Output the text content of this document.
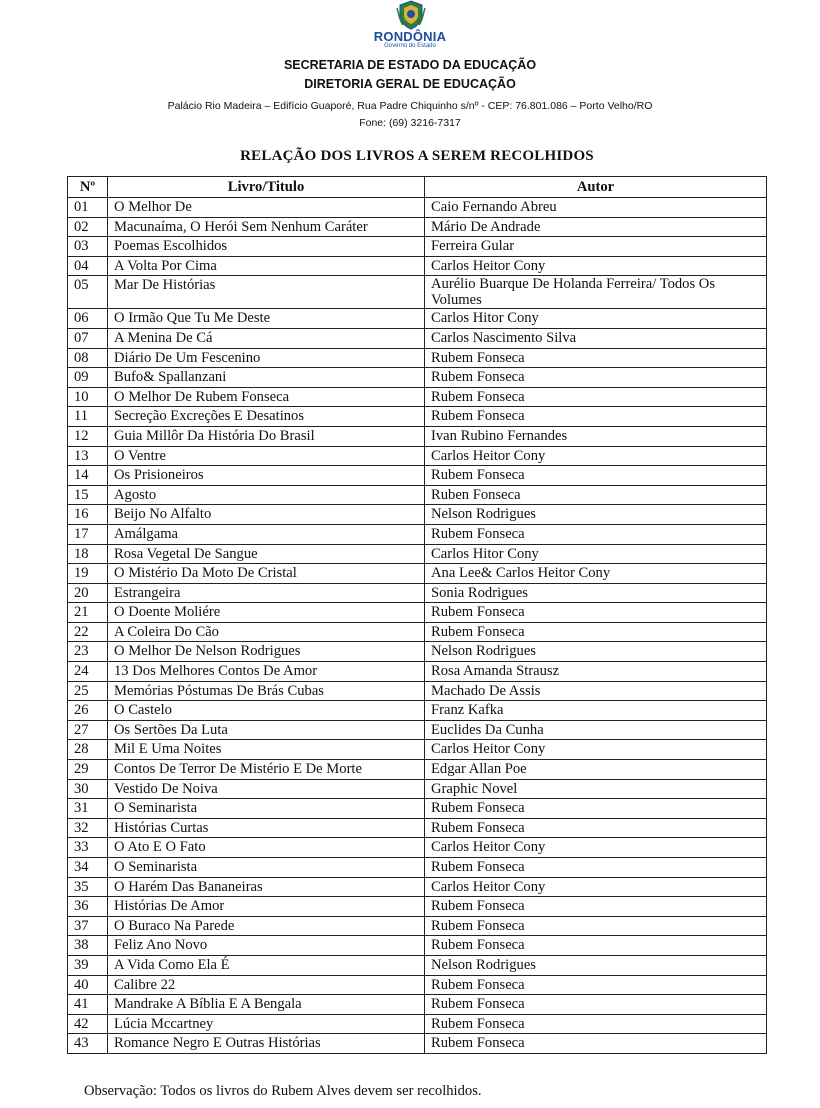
RONDÔNIA
Governo do Estado
SECRETARIA DE ESTADO DA EDUCAÇÃO
DIRETORIA GERAL DE EDUCAÇÃO
Palácio Rio Madeira – Edifício Guaporé, Rua Padre Chiquinho s/nº - CEP: 76.801.086 – Porto Velho/RO
Fone: (69) 3216-7317
RELAÇÃO DOS LIVROS A SEREM RECOLHIDOS
Nº	Livro/Titulo	Autor
01	O Melhor De	Caio Fernando Abreu
02	Macunaíma, O Herói Sem Nenhum Caráter	Mário De Andrade
03	Poemas Escolhidos	Ferreira Gular
04	A Volta Por Cima	Carlos Heitor Cony
05	Mar De Histórias	Aurélio Buarque De Holanda Ferreira/ Todos Os Volumes
06	O Irmão Que Tu Me Deste	Carlos Hitor Cony
07	A Menina De Cá	Carlos Nascimento Silva
08	Diário De Um Fescenino	Rubem Fonseca
09	Bufo& Spallanzani	Rubem Fonseca
10	O Melhor De Rubem Fonseca	Rubem Fonseca
11	Secreção Excreções E Desatinos	Rubem Fonseca
12	Guia Millôr Da História Do Brasil	Ivan Rubino Fernandes
13	O Ventre	Carlos Heitor Cony
14	Os Prisioneiros	Rubem Fonseca
15	Agosto	Ruben Fonseca
16	Beijo No Alfalto	Nelson Rodrigues
17	Amálgama	Rubem Fonseca
18	Rosa Vegetal De Sangue	Carlos Hitor Cony
19	O Mistério Da Moto De Cristal	Ana Lee& Carlos Heitor Cony
20	Estrangeira	Sonia Rodrigues
21	O Doente Moliére	Rubem Fonseca
22	A Coleira Do Cão	Rubem Fonseca
23	O Melhor De Nelson Rodrigues	Nelson Rodrigues
24	13 Dos Melhores Contos De Amor	Rosa Amanda Strausz
25	Memórias Póstumas De Brás Cubas	Machado De Assis
26	O Castelo	Franz Kafka
27	Os Sertões Da Luta	Euclides Da Cunha
28	Mil E Uma Noites	Carlos Heitor Cony
29	Contos De Terror De Mistério E De Morte	Edgar Allan Poe
30	Vestido De Noiva	Graphic Novel
31	O Seminarista	Rubem Fonseca
32	Histórias Curtas	Rubem Fonseca
33	O Ato E O Fato	Carlos Heitor Cony
34	O Seminarista	Rubem Fonseca
35	O Harém Das Bananeiras	Carlos Heitor Cony
36	Histórias De Amor	Rubem Fonseca
37	O Buraco Na Parede	Rubem Fonseca
38	Feliz Ano Novo	Rubem Fonseca
39	A Vida Como Ela É	Nelson Rodrigues
40	Calibre 22	Rubem Fonseca
41	Mandrake A Bíblia E A Bengala	Rubem Fonseca
42	Lúcia Mccartney	Rubem Fonseca
43	Romance Negro E Outras Histórias	Rubem Fonseca
Observação: Todos os livros do Rubem Alves devem ser recolhidos.
